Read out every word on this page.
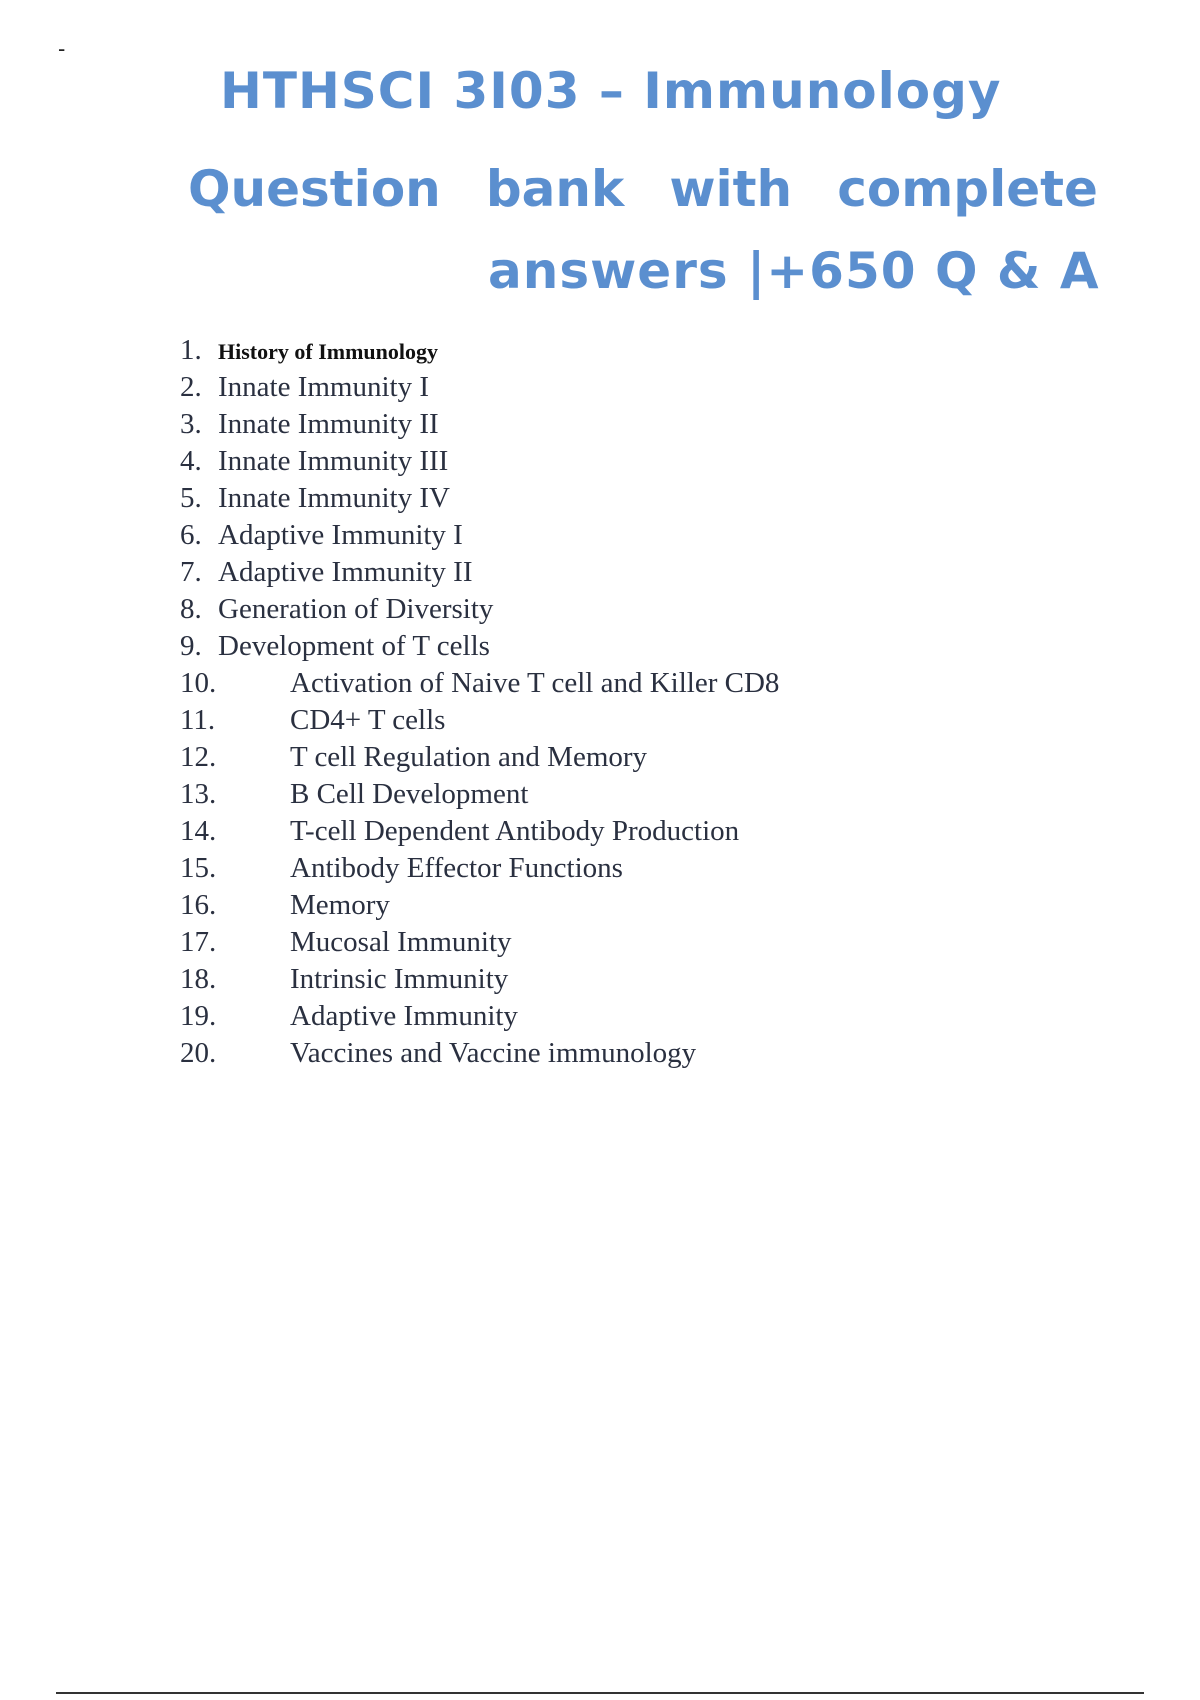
-
HTHSCI 3I03 – Immunology
Question bank with complete
answers |+650 Q & A
1. History of Immunology
2. Innate Immunity I
3. Innate Immunity II
4. Innate Immunity III
5. Innate Immunity IV
6. Adaptive Immunity I
7. Adaptive Immunity II
8. Generation of Diversity
9. Development of T cells
10.	Activation of Naive T cell and Killer CD8
11.	CD4+ T cells
12.	T cell Regulation and Memory
13.	B Cell Development
14.	T-cell Dependent Antibody Production
15.	Antibody Effector Functions
16.	Memory
17.	Mucosal Immunity
18.	Intrinsic Immunity
19.	Adaptive Immunity
20.	Vaccines and Vaccine immunology
